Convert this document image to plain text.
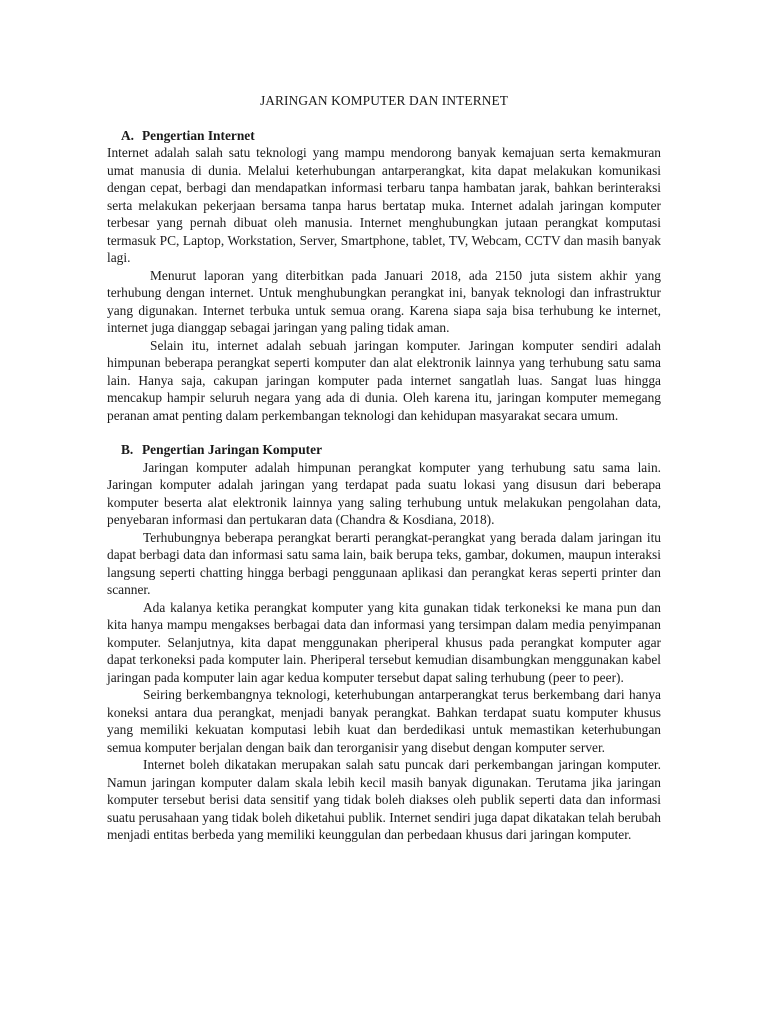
JARINGAN KOMPUTER DAN INTERNET
A. Pengertian Internet

Internet adalah salah satu teknologi yang mampu mendorong banyak kemajuan serta kemakmuran umat manusia di dunia. Melalui keterhubungan antarperangkat, kita dapat melakukan komunikasi dengan cepat, berbagi dan mendapatkan informasi terbaru tanpa hambatan jarak, bahkan berinteraksi serta melakukan pekerjaan bersama tanpa harus bertatap muka. Internet adalah jaringan komputer terbesar yang pernah dibuat oleh manusia. Internet menghubungkan jutaan perangkat komputasi termasuk PC, Laptop, Workstation, Server, Smartphone, tablet, TV, Webcam, CCTV dan masih banyak lagi.

Menurut laporan yang diterbitkan pada Januari 2018, ada 2150 juta sistem akhir yang terhubung dengan internet. Untuk menghubungkan perangkat ini, banyak teknologi dan infrastruktur yang digunakan. Internet terbuka untuk semua orang. Karena siapa saja bisa terhubung ke internet, internet juga dianggap sebagai jaringan yang paling tidak aman.

Selain itu, internet adalah sebuah jaringan komputer. Jaringan komputer sendiri adalah himpunan beberapa perangkat seperti komputer dan alat elektronik lainnya yang terhubung satu sama lain. Hanya saja, cakupan jaringan komputer pada internet sangatlah luas. Sangat luas hingga mencakup hampir seluruh negara yang ada di dunia. Oleh karena itu, jaringan komputer memegang peranan amat penting dalam perkembangan teknologi dan kehidupan masyarakat secara umum.

B. Pengertian Jaringan Komputer

Jaringan komputer adalah himpunan perangkat komputer yang terhubung satu sama lain. Jaringan komputer adalah jaringan yang terdapat pada suatu lokasi yang disusun dari beberapa komputer beserta alat elektronik lainnya yang saling terhubung untuk melakukan pengolahan data, penyebaran informasi dan pertukaran data (Chandra & Kosdiana, 2018).

Terhubungnya beberapa perangkat berarti perangkat-perangkat yang berada dalam jaringan itu dapat berbagi data dan informasi satu sama lain, baik berupa teks, gambar, dokumen, maupun interaksi langsung seperti chatting hingga berbagi penggunaan aplikasi dan perangkat keras seperti printer dan scanner.

Ada kalanya ketika perangkat komputer yang kita gunakan tidak terkoneksi ke mana pun dan kita hanya mampu mengakses berbagai data dan informasi yang tersimpan dalam media penyimpanan komputer. Selanjutnya, kita dapat menggunakan pheriperal khusus pada perangkat komputer agar dapat terkoneksi pada komputer lain. Pheriperal tersebut kemudian disambungkan menggunakan kabel jaringan pada komputer lain agar kedua komputer tersebut dapat saling terhubung (peer to peer).

Seiring berkembangnya teknologi, keterhubungan antarperangkat terus berkembang dari hanya koneksi antara dua perangkat, menjadi banyak perangkat. Bahkan terdapat suatu komputer khusus yang memiliki kekuatan komputasi lebih kuat dan berdedikasi untuk memastikan keterhubungan semua komputer berjalan dengan baik dan terorganisir yang disebut dengan komputer server.

Internet boleh dikatakan merupakan salah satu puncak dari perkembangan jaringan komputer. Namun jaringan komputer dalam skala lebih kecil masih banyak digunakan. Terutama jika jaringan komputer tersebut berisi data sensitif yang tidak boleh diakses oleh publik seperti data dan informasi suatu perusahaan yang tidak boleh diketahui publik. Internet sendiri juga dapat dikatakan telah berubah menjadi entitas berbeda yang memiliki keunggulan dan perbedaan khusus dari jaringan komputer.
